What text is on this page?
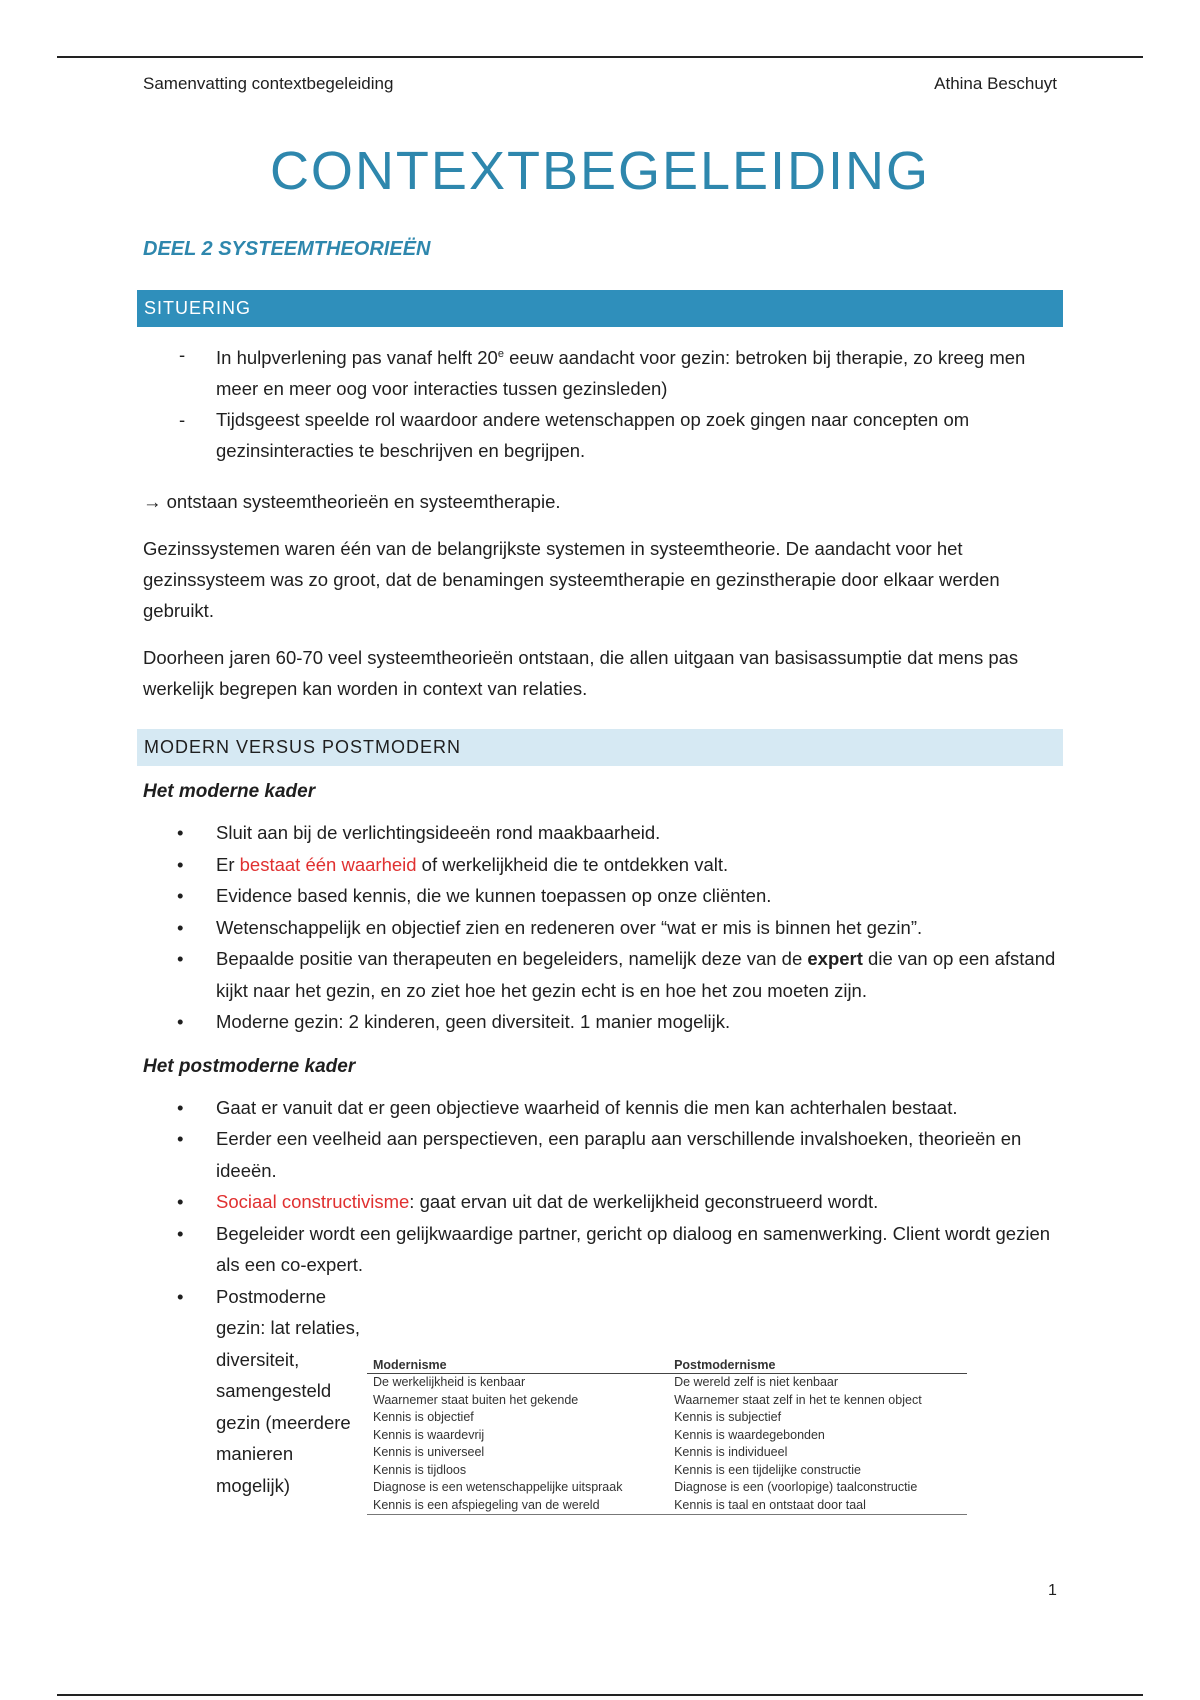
Samenvatting contextbegeleiding	Athina Beschuyt
CONTEXTBEGELEIDING
DEEL 2 SYSTEEMTHEORIEËN
SITUERING
- In hulpverlening pas vanaf helft 20e eeuw aandacht voor gezin: betroken bij therapie, zo kreeg men meer en meer oog voor interacties tussen gezinsleden)
- Tijdsgeest speelde rol waardoor andere wetenschappen op zoek gingen naar concepten om gezinsinteracties te beschrijven en begrijpen.

→ ontstaan systeemtheorieën en systeemtherapie.

Gezinssystemen waren één van de belangrijkste systemen in systeemtheorie. De aandacht voor het gezinssysteem was zo groot, dat de benamingen systeemtherapie en gezinstherapie door elkaar werden gebruikt.

Doorheen jaren 60-70 veel systeemtheorieën ontstaan, die allen uitgaan van basisassumptie dat mens pas werkelijk begrepen kan worden in context van relaties.

MODERN VERSUS POSTMODERN
Het moderne kader
• Sluit aan bij de verlichtingsideeën rond maakbaarheid.
• Er bestaat één waarheid of werkelijkheid die te ontdekken valt.
• Evidence based kennis, die we kunnen toepassen op onze cliënten.
• Wetenschappelijk en objectief zien en redeneren over “wat er mis is binnen het gezin”.
• Bepaalde positie van therapeuten en begeleiders, namelijk deze van de expert die van op een afstand kijkt naar het gezin, en zo ziet hoe het gezin echt is en hoe het zou moeten zijn.
• Moderne gezin: 2 kinderen, geen diversiteit. 1 manier mogelijk.
Het postmoderne kader
• Gaat er vanuit dat er geen objectieve waarheid of kennis die men kan achterhalen bestaat.
• Eerder een veelheid aan perspectieven, een paraplu aan verschillende invalshoeken, theorieën en ideeën.
• Sociaal constructivisme: gaat ervan uit dat de werkelijkheid geconstrueerd wordt.
• Begeleider wordt een gelijkwaardige partner, gericht op dialoog en samenwerking. Client wordt gezien als een co-expert.
• Postmoderne gezin: lat relaties, diversiteit, samengesteld gezin (meerdere manieren mogelijk)
Modernisme	Postmodernisme
De werkelijkheid is kenbaar	De wereld zelf is niet kenbaar
Waarnemer staat buiten het gekende	Waarnemer staat zelf in het te kennen object
Kennis is objectief	Kennis is subjectief
Kennis is waardevrij	Kennis is waardegebonden
Kennis is universeel	Kennis is individueel
Kennis is tijdloos	Kennis is een tijdelijke constructie
Diagnose is een wetenschappelijke uitspraak	Diagnose is een (voorlopige) taalconstructie
Kennis is een afspiegeling van de wereld	Kennis is taal en ontstaat door taal
1
